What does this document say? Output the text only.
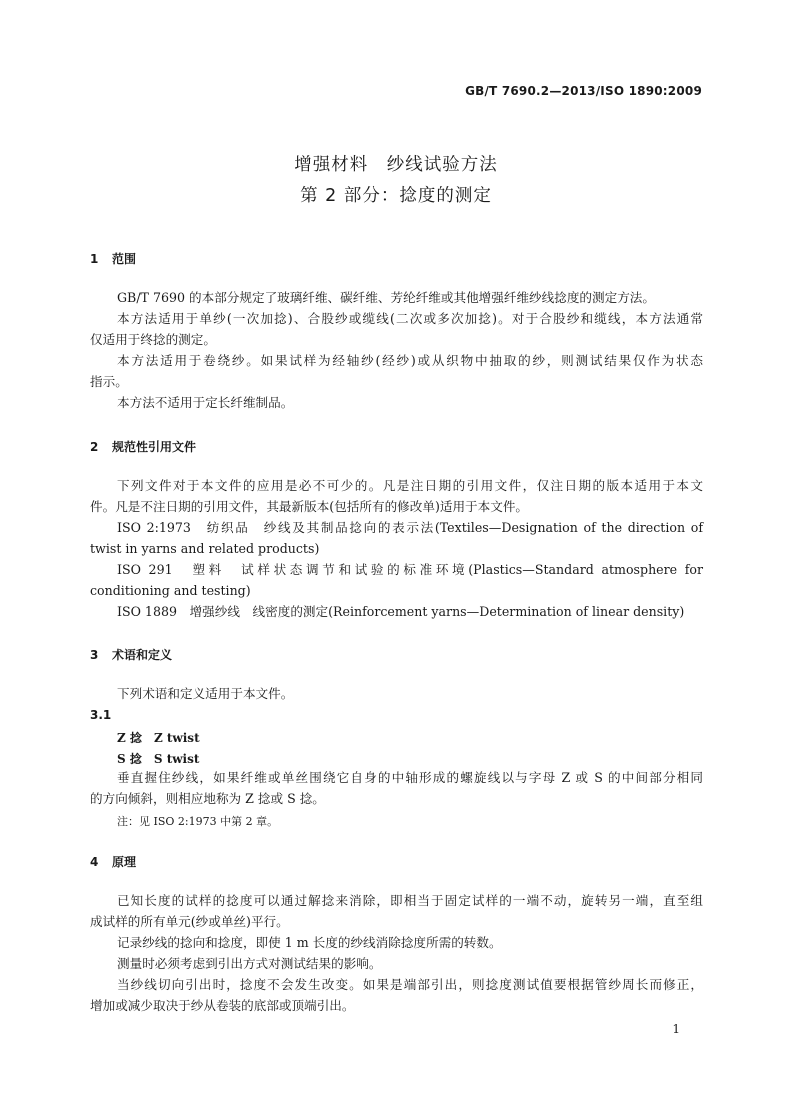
GB/T 7690.2—2013/ISO 1890:2009
增强材料　纱线试验方法
第 2 部分：捻度的测定
1 范围
GB/T 7690 的本部分规定了玻璃纤维、碳纤维、芳纶纤维或其他增强纤维纱线捻度的测定方法。
本方法适用于单纱(一次加捻)、合股纱或缆线(二次或多次加捻)。对于合股纱和缆线，本方法通常
仅适用于终捻的测定。
本方法适用于卷绕纱。如果试样为经轴纱(经纱)或从织物中抽取的纱，则测试结果仅作为状态
指示。
本方法不适用于定长纤维制品。
2 规范性引用文件
下列文件对于本文件的应用是必不可少的。凡是注日期的引用文件，仅注日期的版本适用于本文
件。凡是不注日期的引用文件，其最新版本(包括所有的修改单)适用于本文件。
ISO 2:1973　纺织品　纱线及其制品捻向的表示法(Textiles—Designation of the direction of
twist in yarns and related products)
ISO 291　塑料　试样状态调节和试验的标准环境(Plastics—Standard atmosphere for
conditioning and testing)
ISO 1889　增强纱线　线密度的测定(Reinforcement yarns—Determination of linear density)
3 术语和定义
下列术语和定义适用于本文件。
3.1
Z 捻　Z twist
S 捻　S twist
垂直握住纱线，如果纤维或单丝围绕它自身的中轴形成的螺旋线以与字母 Z 或 S 的中间部分相同
的方向倾斜，则相应地称为 Z 捻或 S 捻。
注：见 ISO 2:1973 中第 2 章。
4 原理
已知长度的试样的捻度可以通过解捻来消除，即相当于固定试样的一端不动，旋转另一端，直至组
成试样的所有单元(纱或单丝)平行。
记录纱线的捻向和捻度，即使 1 m 长度的纱线消除捻度所需的转数。
测量时必须考虑到引出方式对测试结果的影响。
当纱线切向引出时，捻度不会发生改变。如果是端部引出，则捻度测试值要根据管纱周长而修正，
增加或减少取决于纱从卷装的底部或顶端引出。
1
